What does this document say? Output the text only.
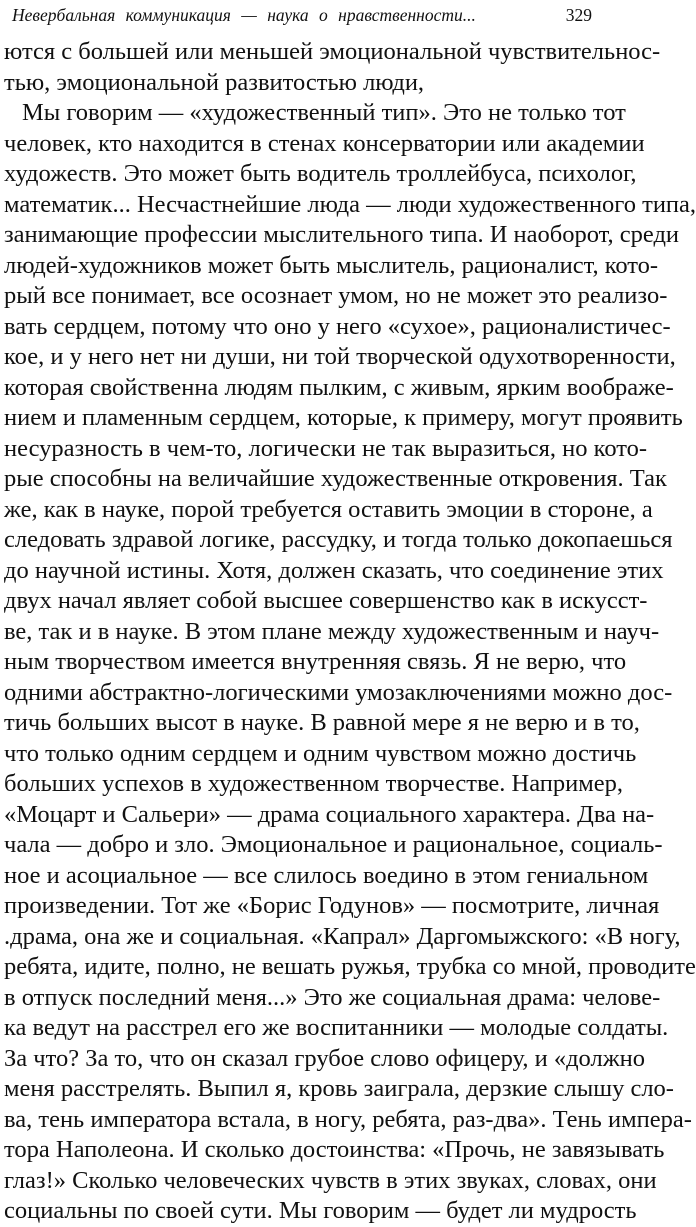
Невербальная коммуникация — наука о нравственности...	329
ются с большей или меньшей эмоциональной чувствительнос-
тью, эмоциональной развитостью люди,
Мы говорим — «художественный тип». Это не только тот
человек, кто находится в стенах консерватории или академии
художеств. Это может быть водитель троллейбуса, психолог,
математик... Несчастнейшие люда — люди художественного типа,
занимающие профессии мыслительного типа. И наоборот, среди
людей-художников может быть мыслитель, рационалист, кото-
рый все понимает, все осознает умом, но не может это реализо-
вать сердцем, потому что оно у него «сухое», рационалистичес-
кое, и у него нет ни души, ни той творческой одухотворенности,
которая свойственна людям пылким, с живым, ярким воображе-
нием и пламенным сердцем, которые, к примеру, могут проявить
несуразность в чем-то, логически не так выразиться, но кото-
рые способны на величайшие художественные откровения. Так
же, как в науке, порой требуется оставить эмоции в стороне, а
следовать здравой логике, рассудку, и тогда только докопаешься
до научной истины. Хотя, должен сказать, что соединение этих
двух начал являет собой высшее совершенство как в искусст-
ве, так и в науке. В этом плане между художественным и науч-
ным творчеством имеется внутренняя связь. Я не верю, что
одними абстрактно-логическими умозаключениями можно дос-
тичь больших высот в науке. В равной мере я не верю и в то,
что только одним сердцем и одним чувством можно достичь
больших успехов в художественном творчестве. Например,
«Моцарт и Сальери» — драма социального характера. Два на-
чала — добро и зло. Эмоциональное и рациональное, социаль-
ное и асоциальное — все слилось воедино в этом гениальном
произведении. Тот же «Борис Годунов» — посмотрите, личная
.драма, она же и социальная. «Капрал» Даргомыжского: «В ногу,
ребята, идите, полно, не вешать ружья, трубка со мной, проводите
в отпуск последний меня...» Это же социальная драма: челове-
ка ведут на расстрел его же воспитанники — молодые солдаты.
За что? За то, что он сказал грубое слово офицеру, и «должно
меня расстрелять. Выпил я, кровь заиграла, дерзкие слышу сло-
ва, тень императора встала, в ногу, ребята, раз-два». Тень импера-
тора Наполеона. И сколько достоинства: «Прочь, не завязывать
глаз!» Сколько человеческих чувств в этих звуках, словах, они
социальны по своей сути. Мы говорим — будет ли мудрость
